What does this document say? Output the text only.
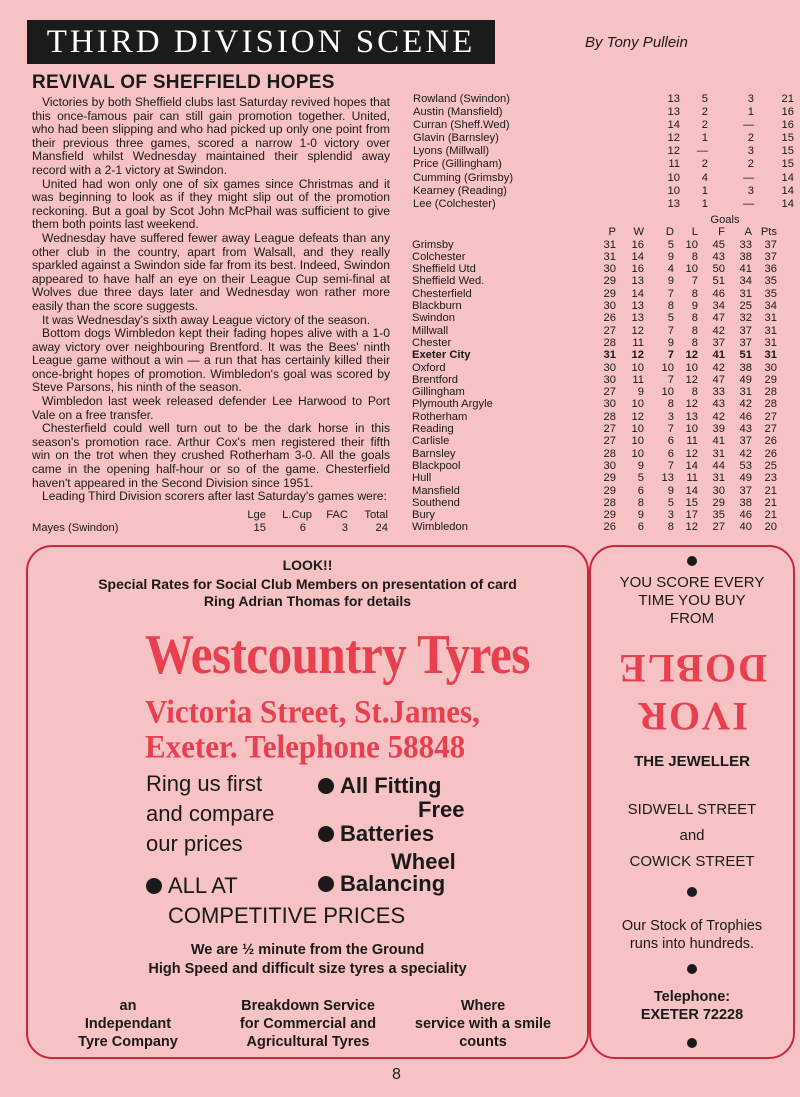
THIRD DIVISION SCENE	By Tony Pullein
REVIVAL OF SHEFFIELD HOPES

Victories by both Sheffield clubs last Saturday revived hopes that this once-famous pair can still gain promotion together. United, who had been slipping and who had picked up only one point from their previous three games, scored a narrow 1-0 victory over Mansfield whilst Wednesday maintained their splendid away record with a 2-1 victory at Swindon.

United had won only one of six games since Christmas and it was beginning to look as if they might slip out of the promotion reckoning. But a goal by Scot John McPhail was sufficient to give them both points last weekend.

Wednesday have suffered fewer away League defeats than any other club in the country, apart from Walsall, and they really sparkled against a Swindon side far from its best. Indeed, Swindon appeared to have half an eye on their League Cup semi-final at Wolves due three days later and Wednesday won rather more easily than the score suggests.

It was Wednesday's sixth away League victory of the season.

Bottom dogs Wimbledon kept their fading hopes alive with a 1-0 away victory over neighbouring Brentford. It was the Bees' ninth League game without a win — a run that has certainly killed their once-bright hopes of promotion. Wimbledon's goal was scored by Steve Parsons, his ninth of the season.

Wimbledon last week released defender Lee Harwood to Port Vale on a free transfer.

Chesterfield could well turn out to be the dark horse in this season's promotion race. Arthur Cox's men registered their fifth win on the trot when they crushed Rotherham 3-0. All the goals came in the opening half-hour or so of the game. Chesterfield haven't appeared in the Second Division since 1951.

Leading Third Division scorers after last Saturday's games were:

	Lge	L.Cup	FAC	Total
Mayes (Swindon)	15	6	3	24
Rowland (Swindon)	13	5	3	21
Austin (Mansfield)	13	2	1	16
Curran (Sheff.Wed)	14	2	—	16
Glavin (Barnsley)	12	1	2	15
Lyons (Millwall)	12	—	3	15
Price (Gillingham)	11	2	2	15
Cumming (Grimsby)	10	4	—	14
Kearney (Reading)	10	1	3	14
Lee (Colchester)	13	1	—	14
					Goals		
	P	W	D	L	F	A	Pts
Grimsby	31	16	5	10	45	33	37
Colchester	31	14	9	8	43	38	37
Sheffield Utd	30	16	4	10	50	41	36
Sheffield Wed.	29	13	9	7	51	34	35
Chesterfield	29	14	7	8	46	31	35
Blackburn	30	13	8	9	34	25	34
Swindon	26	13	5	8	47	32	31
Millwall	27	12	7	8	42	37	31
Chester	28	11	9	8	37	37	31
Exeter City	31	12	7	12	41	51	31
Oxford	30	10	10	10	42	38	30
Brentford	30	11	7	12	47	49	29
Gillingham	27	9	10	8	33	31	28
Plymouth Argyle	30	10	8	12	43	42	28
Rotherham	28	12	3	13	42	46	27
Reading	27	10	7	10	39	43	27
Carlisle	27	10	6	11	41	37	26
Barnsley	28	10	6	12	31	42	26
Blackpool	30	9	7	14	44	53	25
Hull	29	5	13	11	31	49	23
Mansfield	29	6	9	14	30	37	21
Southend	28	8	5	15	29	38	21
Bury	29	9	3	17	35	46	21
Wimbledon	26	6	8	12	27	40	20
LOOK!!
Special Rates for Social Club Members on presentation of card
Ring Adrian Thomas for details
Westcountry Tyres
Victoria Street, St.James,
Exeter. Telephone 58848
Ring us first
and compare
our prices
All Fitting
Free
Batteries
Wheel
Balancing
ALL AT
COMPETITIVE PRICES
We are ½ minute from the Ground
High Speed and difficult size tyres a speciality
an
Independant
Tyre Company
Breakdown Service
for Commercial and
Agricultural Tyres
Where
service with a smile
counts
YOU SCORE EVERY
TIME YOU BUY
FROM
DOBLE
IVOR
THE JEWELLER
SIDWELL STREET
and
COWICK STREET
Our Stock of Trophies
runs into hundreds.
Telephone:
EXETER 72228
8
